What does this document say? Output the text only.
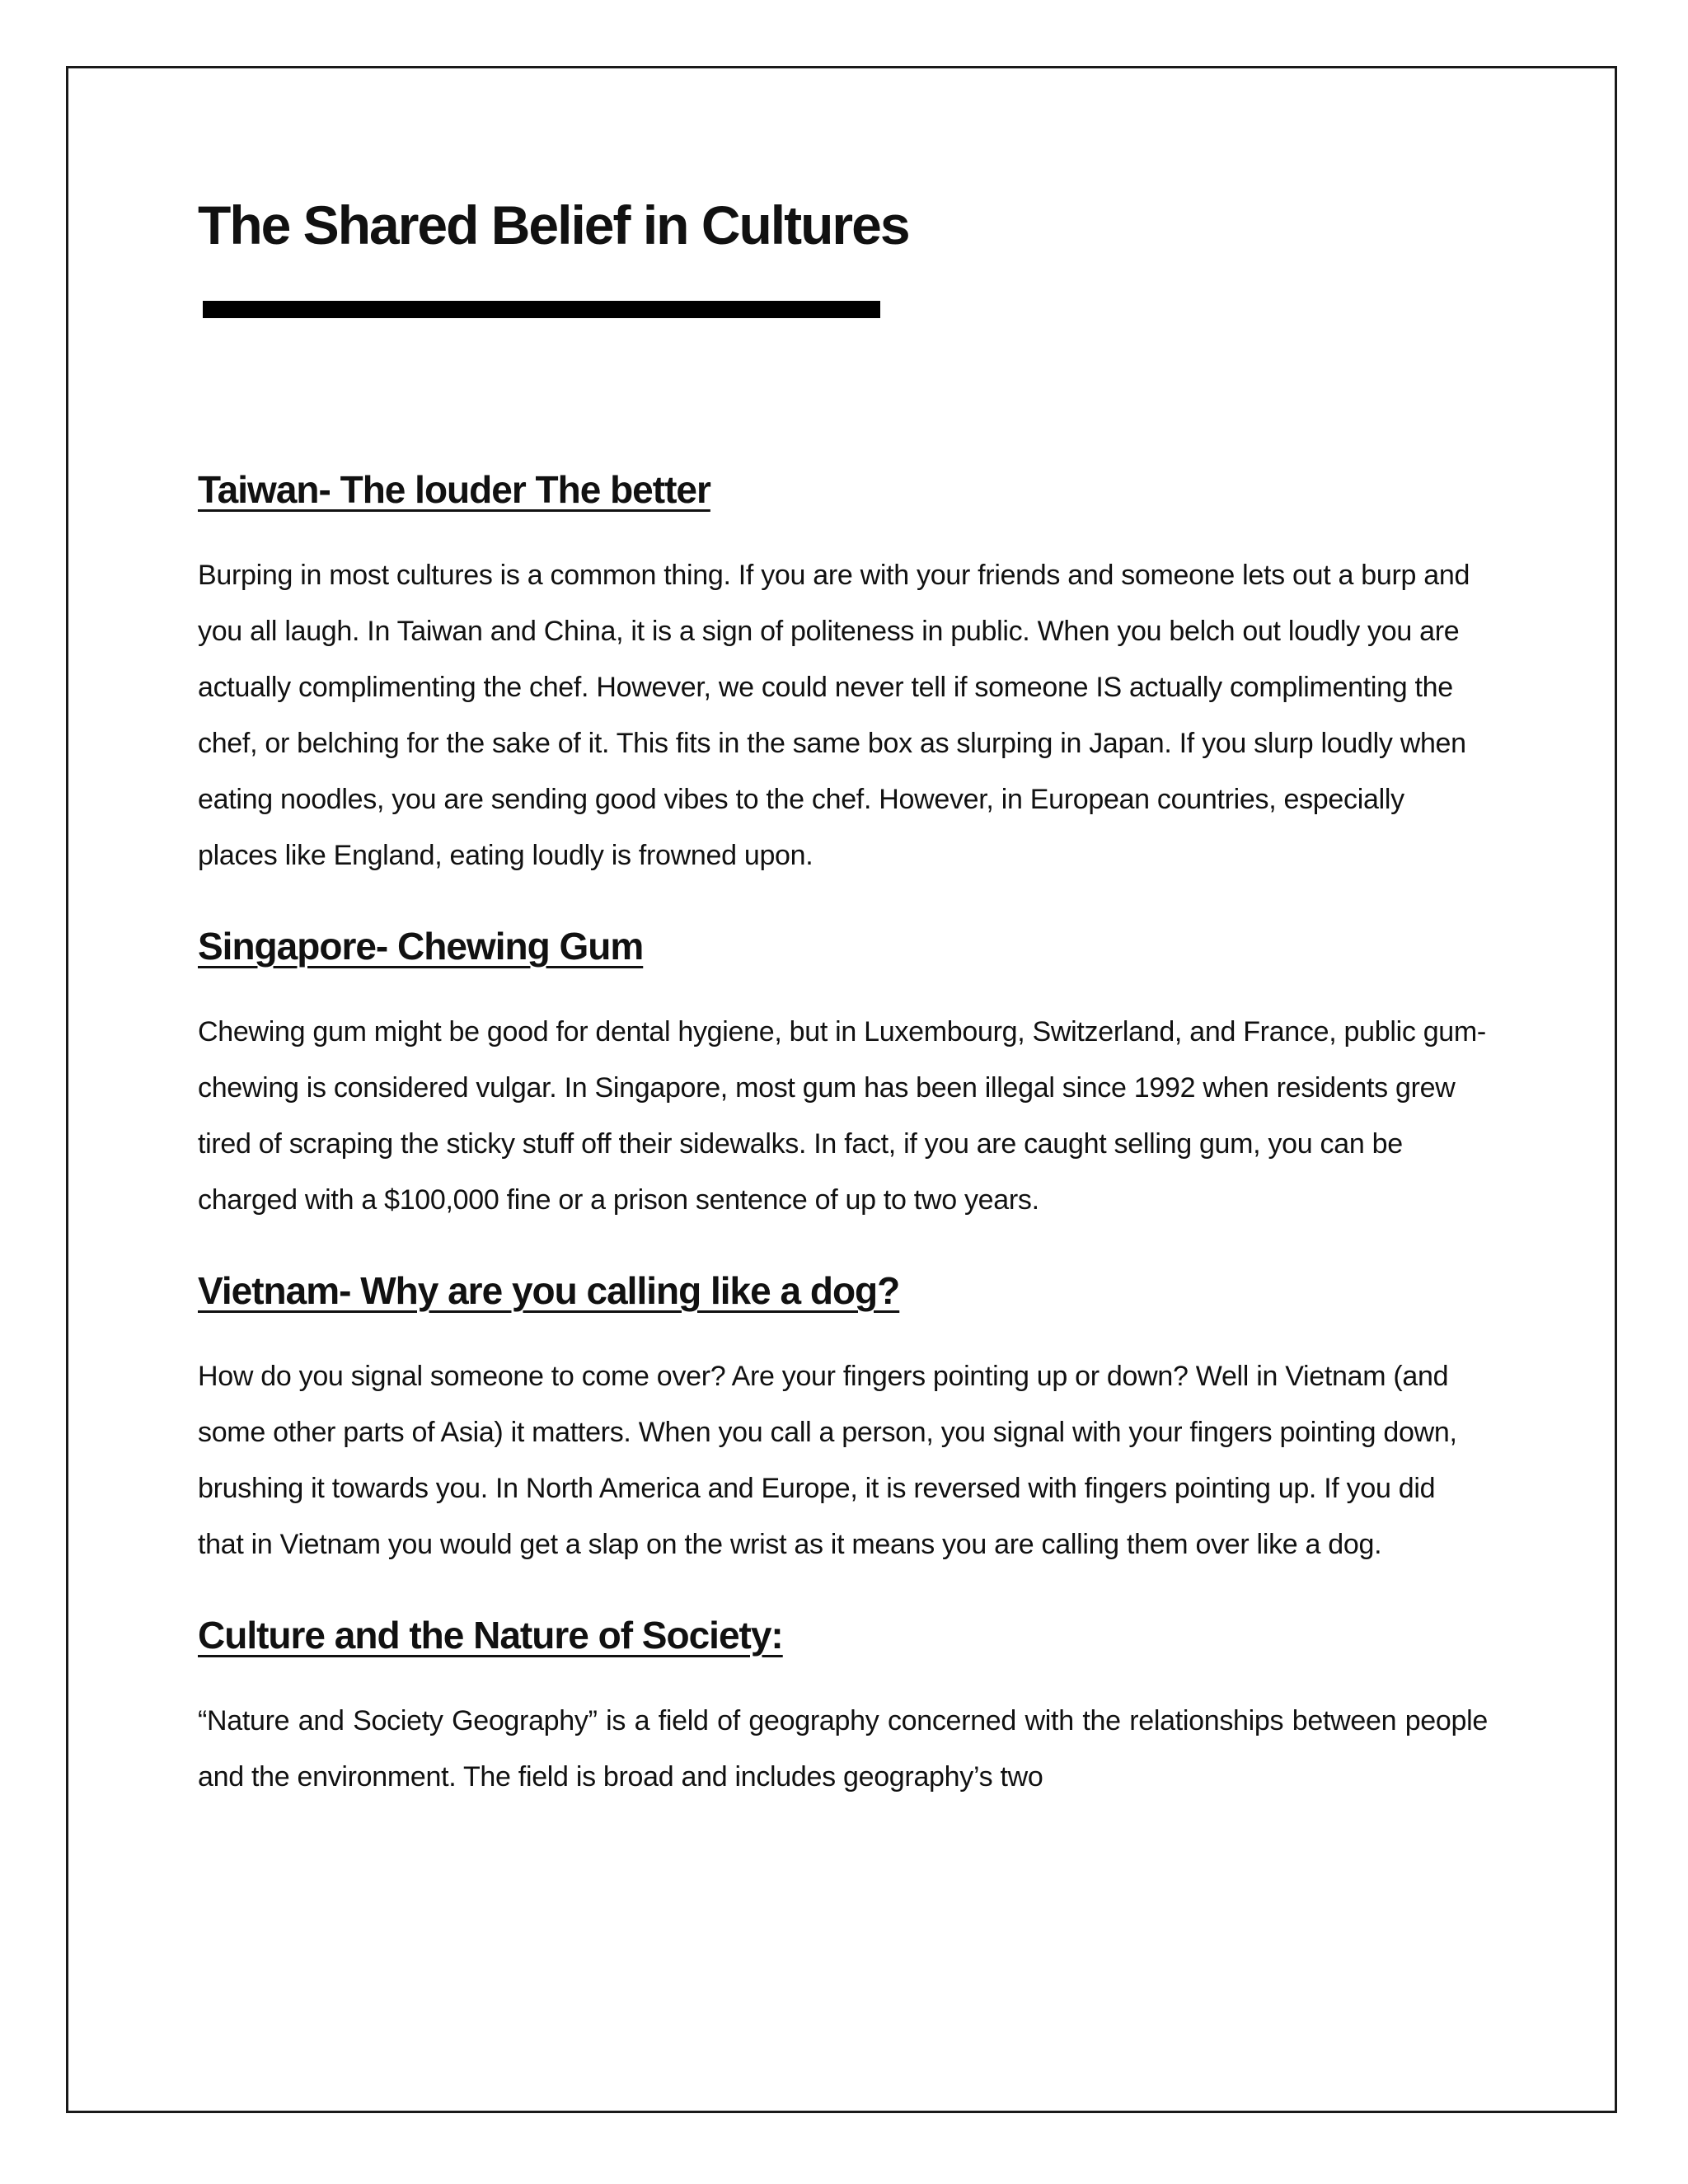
The Shared Belief in Cultures
Taiwan- The louder The better

Burping in most cultures is a common thing. If you are with your friends and someone lets out a burp and you all laugh. In Taiwan and China, it is a sign of politeness in public. When you belch out loudly you are actually complimenting the chef. However, we could never tell if someone IS actually complimenting the chef, or belching for the sake of it. This fits in the same box as slurping in Japan. If you slurp loudly when eating noodles, you are sending good vibes to the chef. However, in European countries, especially places like England, eating loudly is frowned upon.

Singapore- Chewing Gum

Chewing gum might be good for dental hygiene, but in Luxembourg, Switzerland, and France, public gum-chewing is considered vulgar. In Singapore, most gum has been illegal since 1992 when residents grew tired of scraping the sticky stuff off their sidewalks. In fact, if you are caught selling gum, you can be charged with a $100,000 fine or a prison sentence of up to two years.

Vietnam- Why are you calling like a dog?

How do you signal someone to come over? Are your fingers pointing up or down? Well in Vietnam (and some other parts of Asia) it matters. When you call a person, you signal with your fingers pointing down, brushing it towards you. In North America and Europe, it is reversed with fingers pointing up. If you did that in Vietnam you would get a slap on the wrist as it means you are calling them over like a dog.

Culture and the Nature of Society:

“Nature and Society Geography” is a field of geography concerned with the relationships between people and the environment. The field is broad and includes geography’s two
